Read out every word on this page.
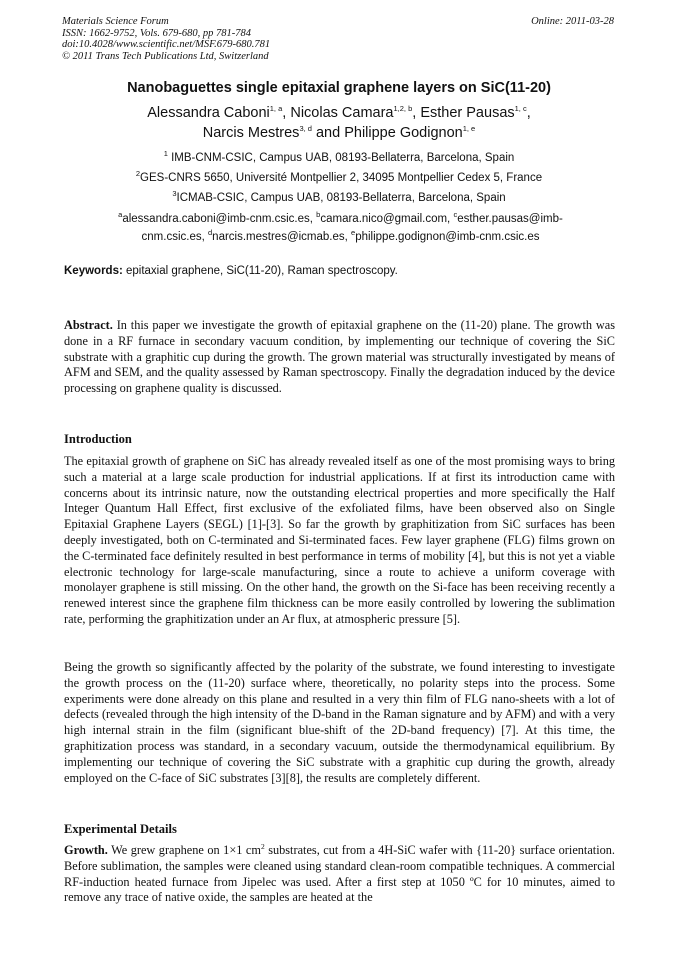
Materials Science Forum
ISSN: 1662-9752, Vols. 679-680, pp 781-784
doi:10.4028/www.scientific.net/MSF.679-680.781
© 2011 Trans Tech Publications Ltd, Switzerland
Online: 2011-03-28
Nanobaguettes single epitaxial graphene layers on SiC(11-20)
Alessandra Caboni$^{1, a}$, Nicolas Camara$^{1,2, b}$, Esther Pausas$^{1, c}$,
Narcis Mestres$^{3, d}$ and Philippe Godignon$^{1, e}$
$^1$ IMB-CNM-CSIC, Campus UAB, 08193-Bellaterra, Barcelona, Spain
$^2$GES-CNRS 5650, Université Montpellier 2, 34095 Montpellier Cedex 5, France
$^3$ICMAB-CSIC, Campus UAB, 08193-Bellaterra, Barcelona, Spain
$^a$alessandra.caboni@imb-cnm.csic.es, $^b$camara.nico@gmail.com, $^c$esther.pausas@imb-cnm.csic.es, $^d$narcis.mestres@icmab.es, $^e$philippe.godignon@imb-cnm.csic.es
Keywords: epitaxial graphene, SiC(11-20), Raman spectroscopy.
Abstract. In this paper we investigate the growth of epitaxial graphene on the (11-20) plane. The growth was done in a RF furnace in secondary vacuum condition, by implementing our technique of covering the SiC substrate with a graphitic cup during the growth. The grown material was structurally investigated by means of AFM and SEM, and the quality assessed by Raman spectroscopy. Finally the degradation induced by the device processing on graphene quality is discussed.
Introduction
The epitaxial growth of graphene on SiC has already revealed itself as one of the most promising ways to bring such a material at a large scale production for industrial applications. If at first its introduction came with concerns about its intrinsic nature, now the outstanding electrical properties and more specifically the Half Integer Quantum Hall Effect, first exclusive of the exfoliated films, have been observed also on Single Epitaxial Graphene Layers (SEGL) [1]-[3]. So far the growth by graphitization from SiC surfaces has been deeply investigated, both on C-terminated and Si-terminated faces. Few layer graphene (FLG) films grown on the C-terminated face definitely resulted in best performance in terms of mobility [4], but this is not yet a viable electronic technology for large-scale manufacturing, since a route to achieve a uniform coverage with monolayer graphene is still missing. On the other hand, the growth on the Si-face has been receiving recently a renewed interest since the graphene film thickness can be more easily controlled by lowering the sublimation rate, performing the graphitization under an Ar flux, at atmospheric pressure [5].
Being the growth so significantly affected by the polarity of the substrate, we found interesting to investigate the growth process on the (11-20) surface where, theoretically, no polarity steps into the process. Some experiments were done already on this plane and resulted in a very thin film of FLG nano-sheets with a lot of defects (revealed through the high intensity of the D-band in the Raman signature and by AFM) and with a very high internal strain in the film (significant blue-shift of the 2D-band frequency) [7]. At this time, the graphitization process was standard, in a secondary vacuum, outside the thermodynamical equilibrium. By implementing our technique of covering the SiC substrate with a graphitic cup during the growth, already employed on the C-face of SiC substrates [3][8], the results are completely different.
Experimental Details
Growth. We grew graphene on 1×1 $cm^2$ substrates, cut from a 4H-SiC wafer with {11-20} surface orientation. Before sublimation, the samples were cleaned using standard clean-room compatible techniques. A commercial RF-induction heated furnace from Jipelec was used. After a first step at 1050 ºC for 10 minutes, aimed to remove any trace of native oxide, the samples are heated at the
